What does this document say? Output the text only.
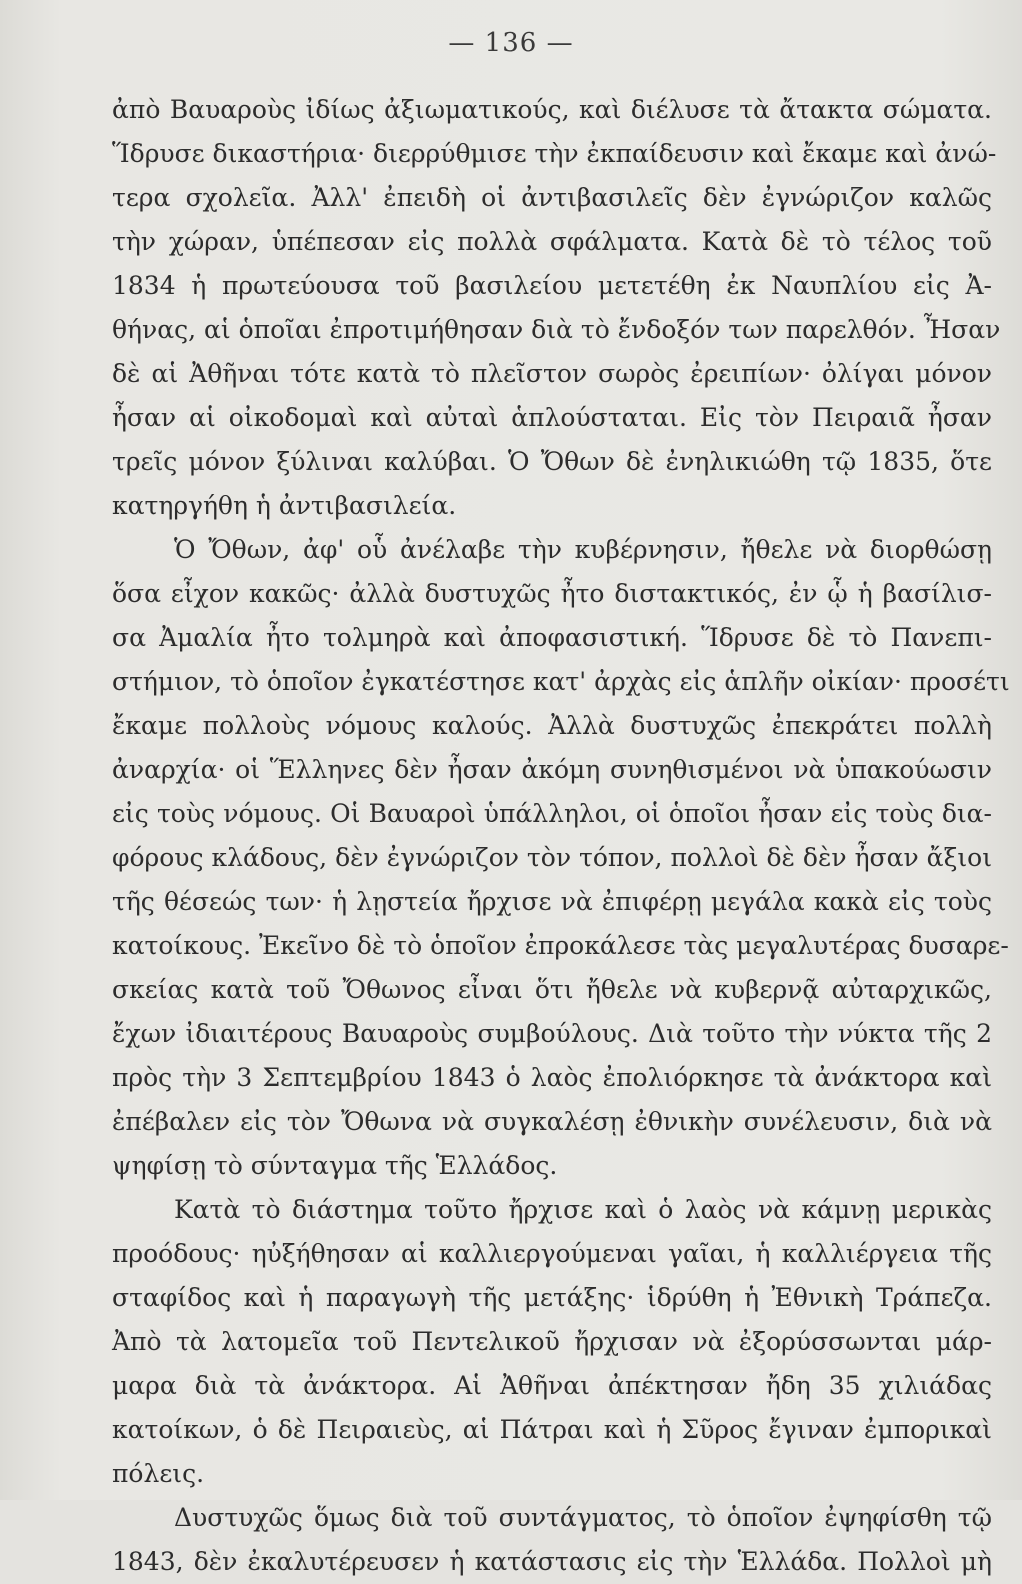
— 136 —
ἀπὸ Βαυαροὺς ἰδίως ἀξιωματικούς, καὶ διέλυσε τὰ ἄτακτα σώματα.
Ἵδρυσε δικαστήρια· διερρύθμισε τὴν ἐκπαίδευσιν καὶ ἔκαμε καὶ ἀνώ-
τερα σχολεῖα. Ἀλλ' ἐπειδὴ οἱ ἀντιβασιλεῖς δὲν ἐγνώριζον καλῶς
τὴν χώραν, ὑπέπεσαν εἰς πολλὰ σφάλματα. Κατὰ δὲ τὸ τέλος τοῦ
1834 ἡ πρωτεύουσα τοῦ βασιλείου μετετέθη ἐκ Ναυπλίου εἰς Ἀ-
θήνας, αἱ ὁποῖαι ἐπροτιμήθησαν διὰ τὸ ἔνδοξόν των παρελθόν. Ἦσαν
δὲ αἱ Ἀθῆναι τότε κατὰ τὸ πλεῖστον σωρὸς ἐρειπίων· ὀλίγαι μόνον
ἦσαν αἱ οἰκοδομαὶ καὶ αὐταὶ ἁπλούσταται. Εἰς τὸν Πειραιᾶ ἦσαν
τρεῖς μόνον ξύλιναι καλύβαι. Ὁ Ὄθων δὲ ἐνηλικιώθη τῷ 1835, ὅτε
κατηργήθη ἡ ἀντιβασιλεία.
Ὁ Ὄθων, ἀφ' οὗ ἀνέλαβε τὴν κυβέρνησιν, ἤθελε νὰ διορθώσῃ
ὅσα εἶχον κακῶς· ἀλλὰ δυστυχῶς ἦτο διστακτικός, ἐν ᾧ ἡ βασίλισ-
σα Ἀμαλία ἦτο τολμηρὰ καὶ ἀποφασιστική. Ἵδρυσε δὲ τὸ Πανεπι-
στήμιον, τὸ ὁποῖον ἐγκατέστησε κατ' ἀρχὰς εἰς ἁπλῆν οἰκίαν· προσέτι
ἔκαμε πολλοὺς νόμους καλούς. Ἀλλὰ δυστυχῶς ἐπεκράτει πολλὴ
ἀναρχία· οἱ Ἕλληνες δὲν ἦσαν ἀκόμη συνηθισμένοι νὰ ὑπακούωσιν
εἰς τοὺς νόμους. Οἱ Βαυαροὶ ὑπάλληλοι, οἱ ὁποῖοι ἦσαν εἰς τοὺς δια-
φόρους κλάδους, δὲν ἐγνώριζον τὸν τόπον, πολλοὶ δὲ δὲν ἦσαν ἄξιοι
τῆς θέσεώς των· ἡ λῃστεία ἤρχισε νὰ ἐπιφέρῃ μεγάλα κακὰ εἰς τοὺς
κατοίκους. Ἐκεῖνο δὲ τὸ ὁποῖον ἐπροκάλεσε τὰς μεγαλυτέρας δυσαρε-
σκείας κατὰ τοῦ Ὄθωνος εἶναι ὅτι ἤθελε νὰ κυβερνᾷ αὐταρχικῶς,
ἔχων ἰδιαιτέρους Βαυαροὺς συμβούλους. Διὰ τοῦτο τὴν νύκτα τῆς 2
πρὸς τὴν 3 Σεπτεμβρίου 1843 ὁ λαὸς ἐπολιόρκησε τὰ ἀνάκτορα καὶ
ἐπέβαλεν εἰς τὸν Ὄθωνα νὰ συγκαλέσῃ ἐθνικὴν συνέλευσιν, διὰ νὰ
ψηφίσῃ τὸ σύνταγμα τῆς Ἑλλάδος.
Κατὰ τὸ διάστημα τοῦτο ἤρχισε καὶ ὁ λαὸς νὰ κάμνῃ μερικὰς
προόδους· ηὐξήθησαν αἱ καλλιεργούμεναι γαῖαι, ἡ καλλιέργεια τῆς
σταφίδος καὶ ἡ παραγωγὴ τῆς μετάξης· ἱδρύθη ἡ Ἐθνικὴ Τράπεζα.
Ἀπὸ τὰ λατομεῖα τοῦ Πεντελικοῦ ἤρχισαν νὰ ἐξορύσσωνται μάρ-
μαρα διὰ τὰ ἀνάκτορα. Αἱ Ἀθῆναι ἀπέκτησαν ἤδη 35 χιλιάδας
κατοίκων, ὁ δὲ Πειραιεὺς, αἱ Πάτραι καὶ ἡ Σῦρος ἔγιναν ἐμπορικαὶ
πόλεις.
Δυστυχῶς ὅμως διὰ τοῦ συντάγματος, τὸ ὁποῖον ἐψηφίσθη τῷ
1843, δὲν ἐκαλυτέρευσεν ἡ κατάστασις εἰς τὴν Ἑλλάδα. Πολλοὶ μὴ
